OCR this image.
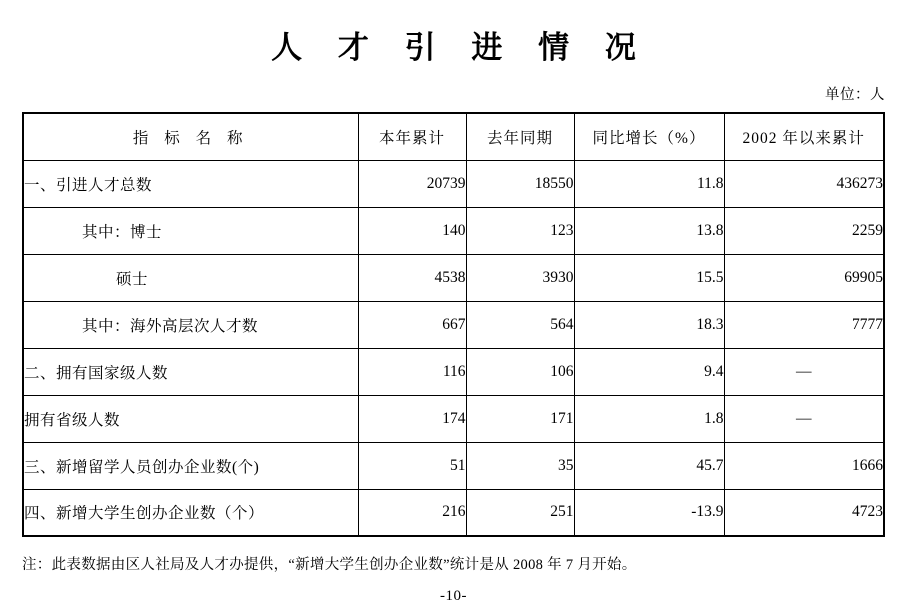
人 才 引 进 情 况
单位：人
指 标 名 称	本年累计	去年同期	同比增长（%）	2002 年以来累计
一、引进人才总数	20739	18550	11.8	436273
其中：博士	140	123	13.8	2259
硕士	4538	3930	15.5	69905
其中：海外高层次人才数	667	564	18.3	7777
二、拥有国家级人数	116	106	9.4	—
拥有省级人数	174	171	1.8	—
三、新增留学人员创办企业数(个)	51	35	45.7	1666
四、新增大学生创办企业数（个）	216	251	-13.9	4723
注：此表数据由区人社局及人才办提供，“新增大学生创办企业数”统计是从 2008 年 7 月开始。
-10-
